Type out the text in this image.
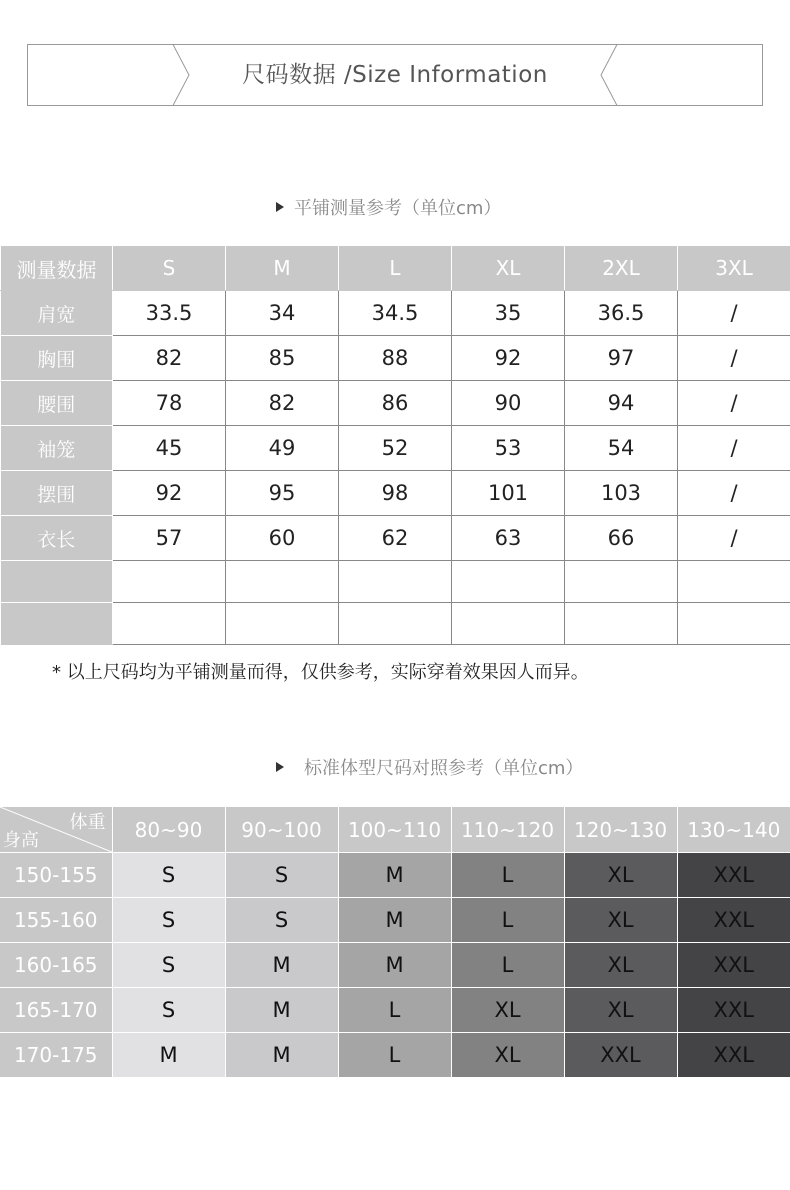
尺码数据 /Size Information
平铺测量参考（单位cm）
测量数据	S	M	L	XL	2XL	3XL
肩宽	33.5	34	34.5	35	36.5	/
胸围	82	85	88	92	97	/
腰围	78	82	86	90	94	/
袖笼	45	49	52	53	54	/
摆围	92	95	98	101	103	/
衣长	57	60	62	63	66	/

* 以上尺码均为平铺测量而得，仅供参考，实际穿着效果因人而异。
标准体型尺码对照参考（单位cm）
体重
身高	80~90	90~100	100~110	110~120	120~130	130~140
150-155	S	S	M	L	XL	XXL
155-160	S	S	M	L	XL	XXL
160-165	S	M	M	L	XL	XXL
165-170	S	M	L	XL	XL	XXL
170-175	M	M	L	XL	XXL	XXL
